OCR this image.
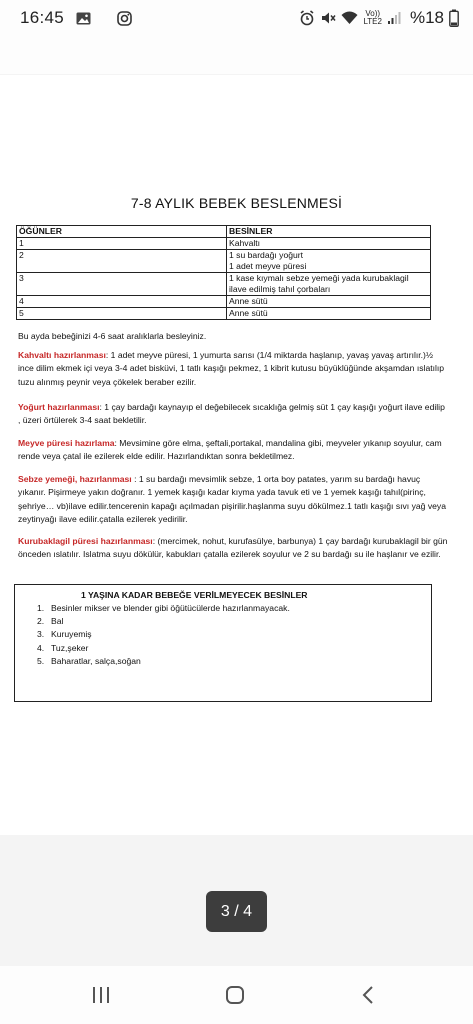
16:45	Vo))
LTE2 %18
7-8 AYLIK BEBEK BESLENMESİ
ÖĞÜNLER	BESİNLER
1	Kahvaltı
2	1 su bardağı yoğurt
1 adet meyve püresi
3	1 kase kıymalı sebze yemeği yada kurubaklagil
ilave edilmiş tahıl çorbaları
4	Anne sütü
5	Anne sütü
Bu ayda bebeğinizi 4-6 saat aralıklarla besleyiniz.
Kahvaltı hazırlanması: 1 adet meyve püresi, 1 yumurta sarısı (1/4 miktarda haşlanıp, yavaş yavaş artırılır.)½ ince dilim ekmek içi veya 3-4 adet bisküvi, 1 tatlı kaşığı pekmez, 1 kibrit kutusu büyüklüğünde akşamdan ıslatılıp tuzu alınmış peynir veya çökelek beraber ezilir.
Yoğurt hazırlanması: 1 çay bardağı kaynayıp el değebilecek sıcaklığa gelmiş süt 1 çay kaşığı yoğurt ilave edilip , üzeri örtülerek 3-4 saat bekletilir.
Meyve püresi hazırlama: Mevsimine göre elma, şeftali,portakal, mandalina gibi, meyveler yıkanıp soyulur, cam rende veya çatal ile ezilerek elde edilir. Hazırlandıktan sonra bekletilmez.
Sebze yemeği, hazırlanması : 1 su bardağı mevsimlik sebze, 1 orta boy patates, yarım su bardağı havuç yıkanır. Pişirmeye yakın doğranır. 1 yemek kaşığı kadar kıyma yada tavuk eti ve 1 yemek kaşığı tahıl(pirinç, şehriye… vb)ilave edilir.tencerenin kapağı açılmadan pişirilir.haşlanma suyu dökülmez.1 tatlı kaşığı sıvı yağ veya zeytinyağı ilave edilir.çatalla ezilerek yedirilir.
Kurubaklagil püresi hazırlanması: (mercimek, nohut, kurufasülye, barbunya) 1 çay bardağı kurubaklagil bir gün önceden ıslatılır. Islatma suyu dökülür, kabukları çatalla ezilerek soyulur ve 2 su bardağı su ile haşlanır ve ezilir.
1 YAŞINA KADAR BEBEĞE VERİLMEYECEK BESİNLER
1. Besinler mikser ve blender gibi öğütücülerde hazırlanmayacak.
2. Bal
3. Kuruyemiş
4. Tuz,şeker
5. Baharatlar, salça,soğan
3 / 4
